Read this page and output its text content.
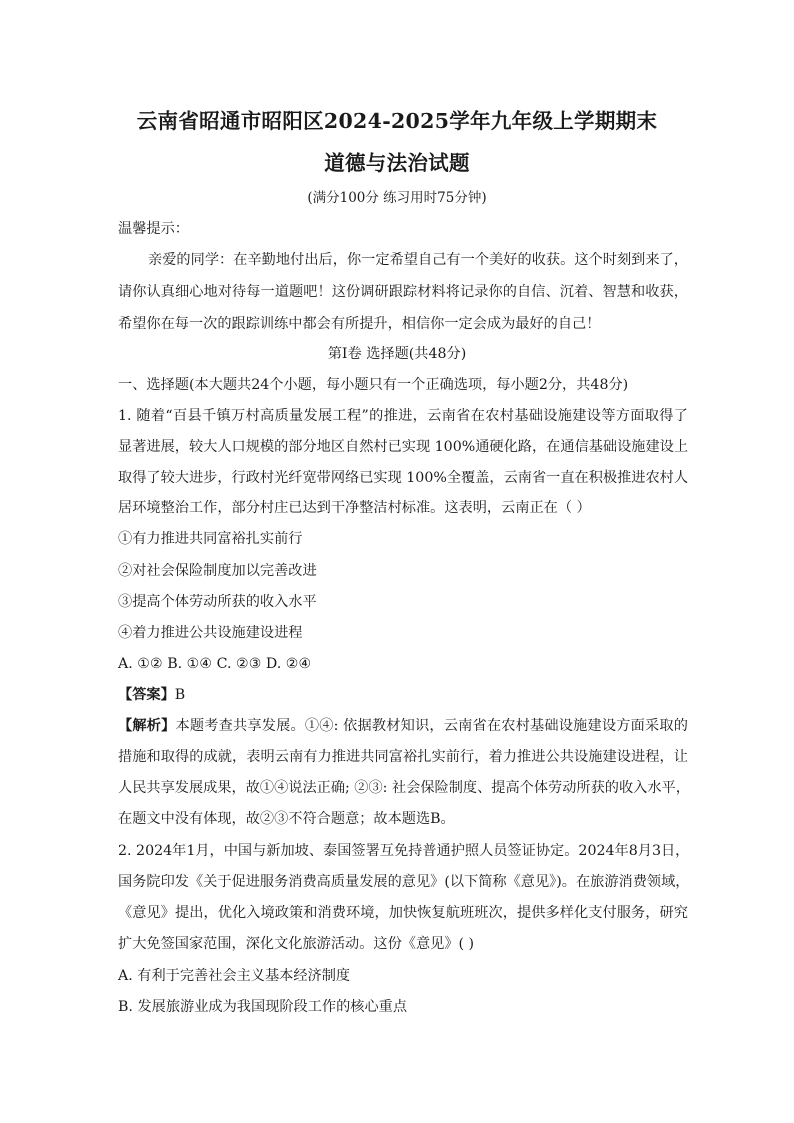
云南省昭通市昭阳区2024-2025学年九年级上学期期末
道德与法治试题
(满分100分 练习用时75分钟)
温馨提示：
亲爱的同学：在辛勤地付出后，你一定希望自己有一个美好的收获。这个时刻到来了，
请你认真细心地对待每一道题吧！这份调研跟踪材料将记录你的自信、沉着、智慧和收获，
希望你在每一次的跟踪训练中都会有所提升，相信你一定会成为最好的自己！
第Ⅰ卷 选择题(共48分)
一、选择题(本大题共24个小题，每小题只有一个正确选项，每小题2分，共48分)
1. 随着“百县千镇万村高质量发展工程”的推进，云南省在农村基础设施建设等方面取得了
显著进展，较大人口规模的部分地区自然村已实现 100%通硬化路，在通信基础设施建设上
取得了较大进步，行政村光纤宽带网络已实现 100%全覆盖，云南省一直在积极推进农村人
居环境整治工作，部分村庄已达到干净整洁村标准。这表明，云南正在（ ）
①有力推进共同富裕扎实前行
②对社会保险制度加以完善改进
③提高个体劳动所获的收入水平
④着力推进公共设施建设进程
A. ①② B. ①④ C. ②③ D. ②④
【答案】B
【解析】本题考查共享发展。①④: 依据教材知识，云南省在农村基础设施建设方面采取的
措施和取得的成就，表明云南有力推进共同富裕扎实前行，着力推进公共设施建设进程，让
人民共享发展成果，故①④说法正确; ②③: 社会保险制度、提高个体劳动所获的收入水平，
在题文中没有体现，故②③不符合题意；故本题选B。
2. 2024年1月，中国与新加坡、泰国签署互免持普通护照人员签证协定。2024年8月3日，
国务院印发《关于促进服务消费高质量发展的意见》(以下简称《意见》)。在旅游消费领域，
《意见》提出，优化入境政策和消费环境，加快恢复航班班次，提供多样化支付服务，研究
扩大免签国家范围，深化文化旅游活动。这份《意见》( )
A. 有利于完善社会主义基本经济制度
B. 发展旅游业成为我国现阶段工作的核心重点
